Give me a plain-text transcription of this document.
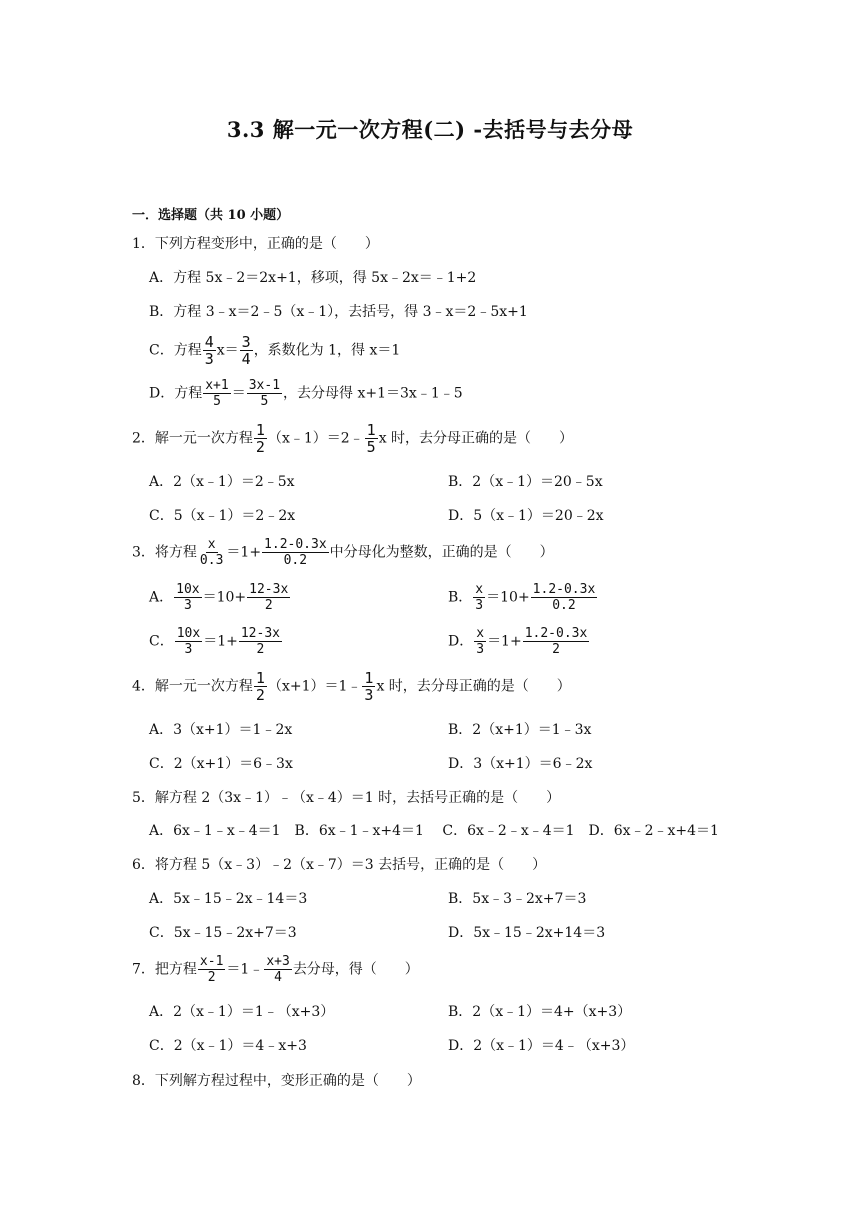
3.3 解一元一次方程(二) -去括号与去分母
一．选择题（共 10 小题）
1．下列方程变形中，正确的是（　　）
A．方程 5x﹣2＝2x+1，移项，得 5x﹣2x＝﹣1+2
B．方程 3﹣x＝2﹣5（x﹣1），去括号，得 3﹣x＝2﹣5x+1
C．方程 $\frac{4}{3} x= \frac{3}{4}$ ，系数化为 1，得 x＝1
D．方程 $\frac{x+1}{5} = \frac{3x-1}{5}$ ，去分母得 x+1＝3x﹣1﹣5
2．解一元一次方程 $\frac{1}{2}$ （x﹣1）＝2﹣ $\frac{1}{5}$ x 时，去分母正确的是（　　）
A．2（x﹣1）＝2﹣5x	B．2（x﹣1）＝20﹣5x
C．5（x﹣1）＝2﹣2x	D．5（x﹣1）＝20﹣2x
3．将方程 $\frac{x}{0.3} =1+ \frac{1.2-0.3x}{0.2}$ 中分母化为整数，正确的是（　　）
A． $\frac{10x}{3} =10+ \frac{12-3x}{2}$	B． $\frac{x}{3} =10+ \frac{1.2-0.3x}{0.2}$
C． $\frac{10x}{3} =1+ \frac{12-3x}{2}$	D． $\frac{x}{3} =1+ \frac{1.2-0.3x}{2}$
4．解一元一次方程 $\frac{1}{2}$ （x+1）＝1﹣ $\frac{1}{3}$ x 时，去分母正确的是（　　）
A．3（x+1）＝1﹣2x	B．2（x+1）＝1﹣3x
C．2（x+1）＝6﹣3x	D．3（x+1）＝6﹣2x
5．解方程 2（3x﹣1）﹣（x﹣4）＝1 时，去括号正确的是（　　）
A．6x﹣1﹣x﹣4＝1　B．6x﹣1﹣x+4＝1　 C．6x﹣2﹣x﹣4＝1　D．6x﹣2﹣x+4＝1
6．将方程 5（x﹣3）﹣2（x﹣7）＝3 去括号，正确的是（　　）
A．5x﹣15﹣2x﹣14＝3	B．5x﹣3﹣2x+7＝3
C．5x﹣15﹣2x+7＝3	D．5x﹣15﹣2x+14＝3
7．把方程 $\frac{x-1}{2}$ ＝1﹣ $\frac{x+3}{4}$ 去分母，得（　　）
A．2（x﹣1）＝1﹣（x+3）	B．2（x﹣1）＝4+（x+3）
C．2（x﹣1）＝4﹣x+3	D．2（x﹣1）＝4﹣（x+3）
8．下列解方程过程中，变形正确的是（　　）
